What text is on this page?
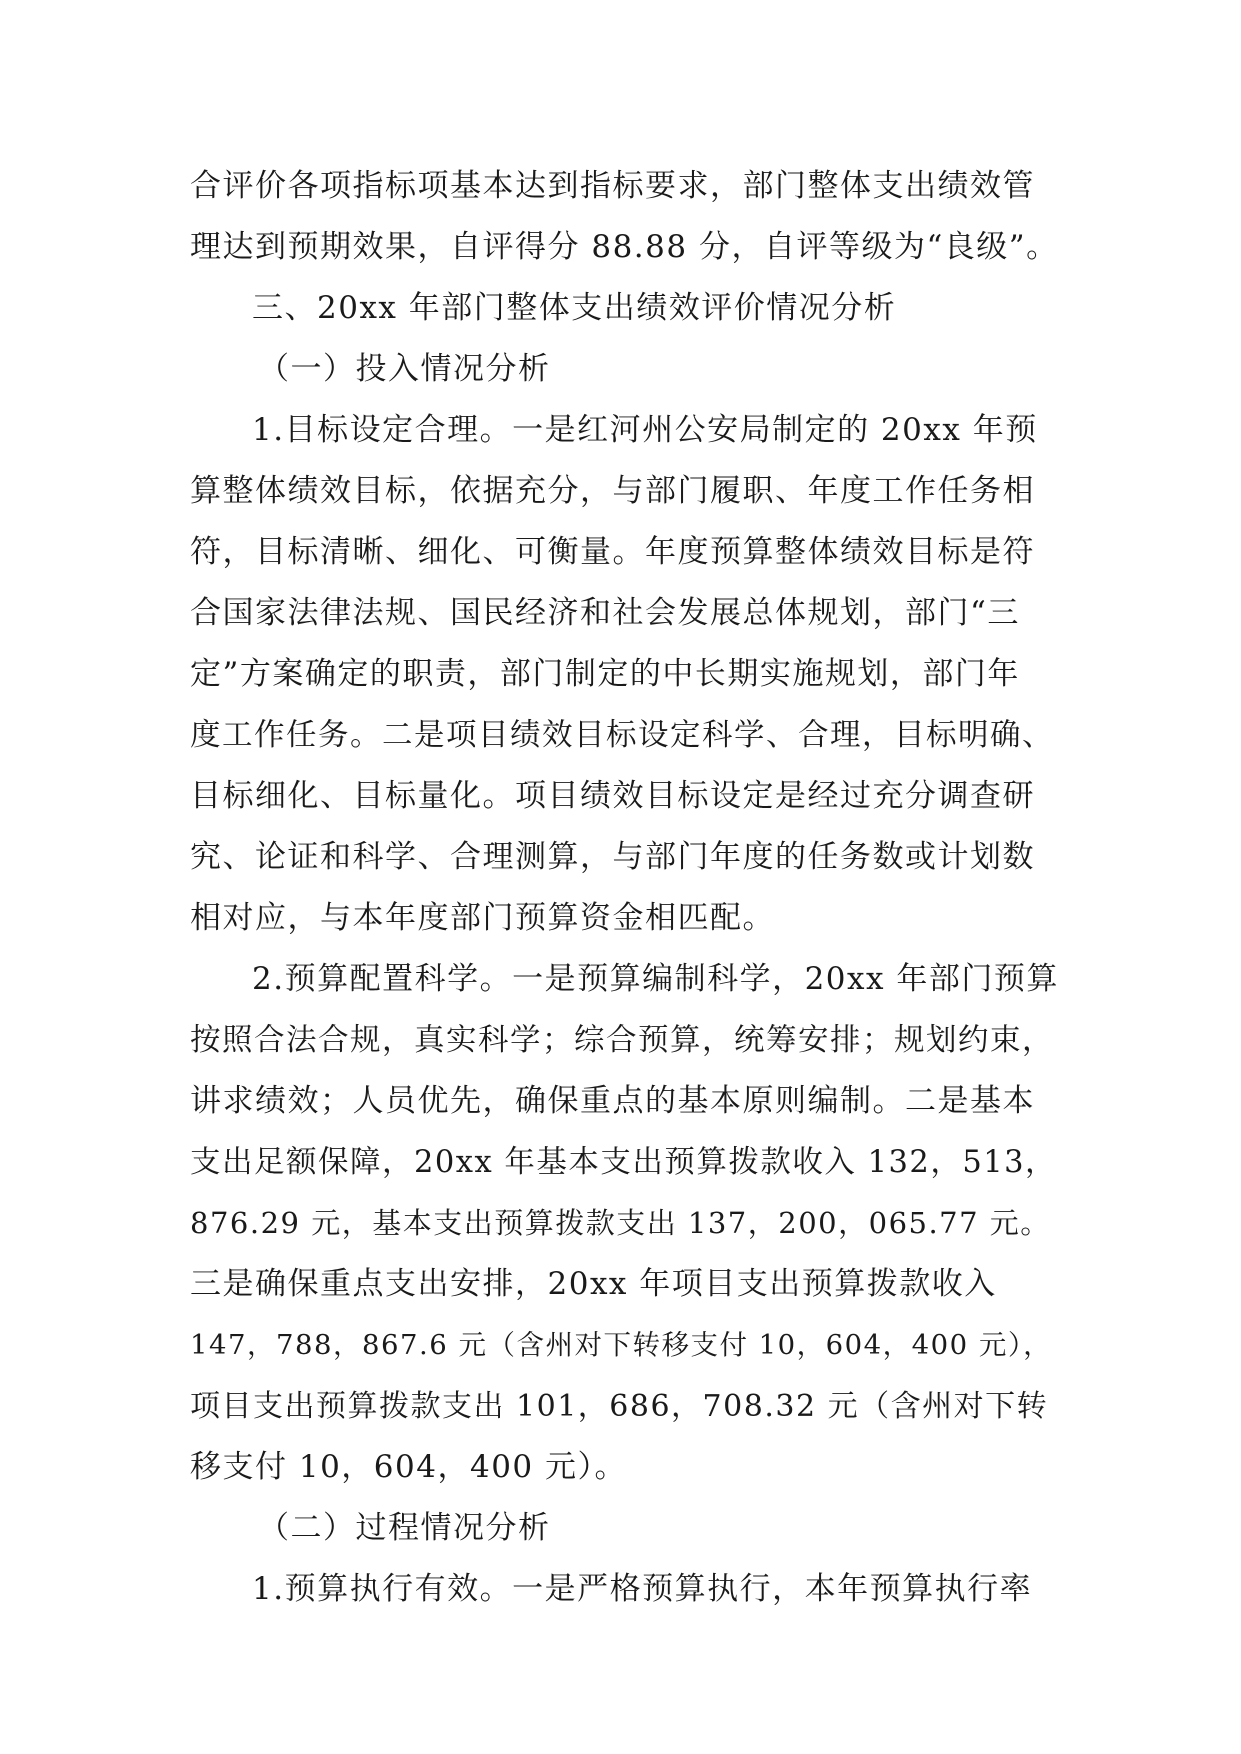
合评价各项指标项基本达到指标要求，部门整体支出绩效管
理达到预期效果，自评得分 88.88 分，自评等级为“良级”。
三、20xx 年部门整体支出绩效评价情况分析
（一）投入情况分析
1.目标设定合理。一是红河州公安局制定的 20xx 年预
算整体绩效目标，依据充分，与部门履职、年度工作任务相
符，目标清晰、细化、可衡量。年度预算整体绩效目标是符
合国家法律法规、国民经济和社会发展总体规划，部门“三
定”方案确定的职责，部门制定的中长期实施规划，部门年
度工作任务。二是项目绩效目标设定科学、合理，目标明确、
目标细化、目标量化。项目绩效目标设定是经过充分调查研
究、论证和科学、合理测算，与部门年度的任务数或计划数
相对应，与本年度部门预算资金相匹配。
2.预算配置科学。一是预算编制科学，20xx 年部门预算
按照合法合规，真实科学；综合预算，统筹安排；规划约束，
讲求绩效；人员优先，确保重点的基本原则编制。二是基本
支出足额保障，20xx 年基本支出预算拨款收入 132，513，
876.29 元，基本支出预算拨款支出 137，200，065.77 元。
三是确保重点支出安排，20xx 年项目支出预算拨款收入
147，788，867.6 元（含州对下转移支付 10，604，400 元），
项目支出预算拨款支出 101，686，708.32 元（含州对下转
移支付 10，604，400 元）。
（二）过程情况分析
1.预算执行有效。一是严格预算执行，本年预算执行率
